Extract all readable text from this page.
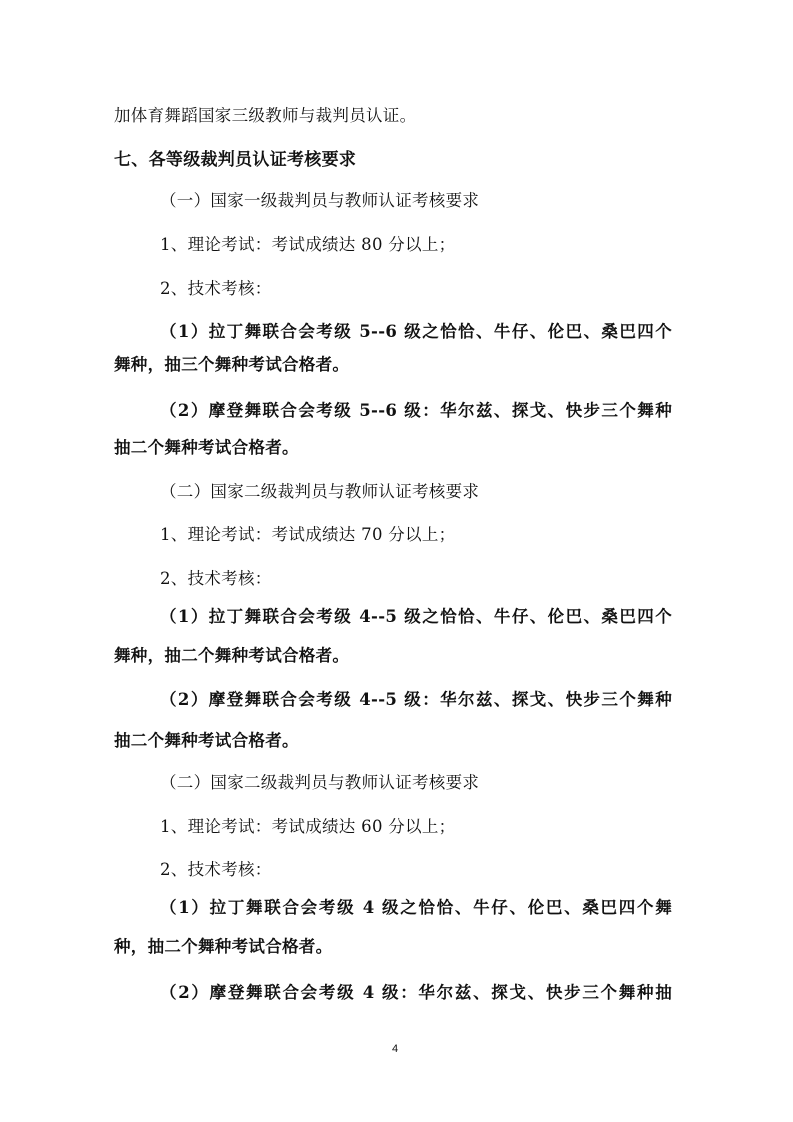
加体育舞蹈国家三级教师与裁判员认证。
七、各等级裁判员认证考核要求
（一）国家一级裁判员与教师认证考核要求
1、理论考试：考试成绩达 80 分以上；
2、技术考核：
（1）拉丁舞联合会考级 5--6 级之恰恰、牛仔、伦巴、桑巴四个
舞种，抽三个舞种考试合格者。
（2）摩登舞联合会考级 5--6 级：华尔兹、探戈、快步三个舞种
抽二个舞种考试合格者。
（二）国家二级裁判员与教师认证考核要求
1、理论考试：考试成绩达 70 分以上；
2、技术考核：
（1）拉丁舞联合会考级 4--5 级之恰恰、牛仔、伦巴、桑巴四个
舞种，抽二个舞种考试合格者。
（2）摩登舞联合会考级 4--5 级：华尔兹、探戈、快步三个舞种
抽二个舞种考试合格者。
（二）国家二级裁判员与教师认证考核要求
1、理论考试：考试成绩达 60 分以上；
2、技术考核：
（1）拉丁舞联合会考级 4 级之恰恰、牛仔、伦巴、桑巴四个舞
种，抽二个舞种考试合格者。
（2）摩登舞联合会考级 4 级：华尔兹、探戈、快步三个舞种抽
4
